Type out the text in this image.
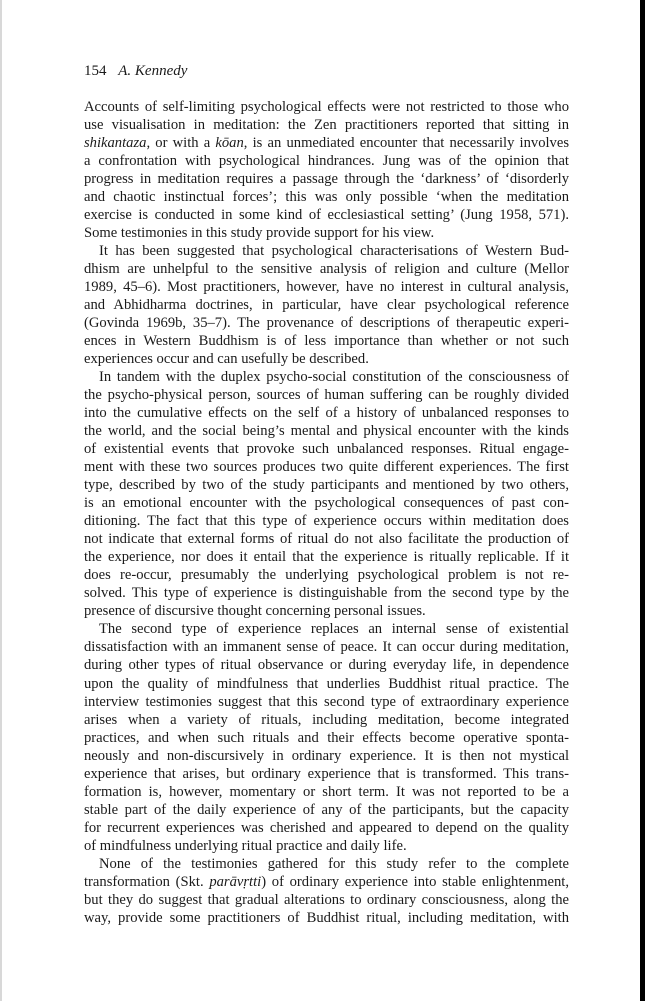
154 A. Kennedy
Accounts of self-limiting psychological effects were not restricted to those who
use visualisation in meditation: the Zen practitioners reported that sitting in
shikantaza, or with a kōan, is an unmediated encounter that necessarily involves
a confrontation with psychological hindrances. Jung was of the opinion that
progress in meditation requires a passage through the ‘darkness’ of ‘disorderly
and chaotic instinctual forces’; this was only possible ‘when the meditation
exercise is conducted in some kind of ecclesiastical setting’ (Jung 1958, 571).
Some testimonies in this study provide support for his view.
It has been suggested that psychological characterisations of Western Bud-
dhism are unhelpful to the sensitive analysis of religion and culture (Mellor
1989, 45–6). Most practitioners, however, have no interest in cultural analysis,
and Abhidharma doctrines, in particular, have clear psychological reference
(Govinda 1969b, 35–7). The provenance of descriptions of therapeutic experi-
ences in Western Buddhism is of less importance than whether or not such
experiences occur and can usefully be described.
In tandem with the duplex psycho-social constitution of the consciousness of
the psycho-physical person, sources of human suffering can be roughly divided
into the cumulative effects on the self of a history of unbalanced responses to
the world, and the social being’s mental and physical encounter with the kinds
of existential events that provoke such unbalanced responses. Ritual engage-
ment with these two sources produces two quite different experiences. The first
type, described by two of the study participants and mentioned by two others,
is an emotional encounter with the psychological consequences of past con-
ditioning. The fact that this type of experience occurs within meditation does
not indicate that external forms of ritual do not also facilitate the production of
the experience, nor does it entail that the experience is ritually replicable. If it
does re-occur, presumably the underlying psychological problem is not re-
solved. This type of experience is distinguishable from the second type by the
presence of discursive thought concerning personal issues.
The second type of experience replaces an internal sense of existential
dissatisfaction with an immanent sense of peace. It can occur during meditation,
during other types of ritual observance or during everyday life, in dependence
upon the quality of mindfulness that underlies Buddhist ritual practice. The
interview testimonies suggest that this second type of extraordinary experience
arises when a variety of rituals, including meditation, become integrated
practices, and when such rituals and their effects become operative sponta-
neously and non-discursively in ordinary experience. It is then not mystical
experience that arises, but ordinary experience that is transformed. This trans-
formation is, however, momentary or short term. It was not reported to be a
stable part of the daily experience of any of the participants, but the capacity
for recurrent experiences was cherished and appeared to depend on the quality
of mindfulness underlying ritual practice and daily life.
None of the testimonies gathered for this study refer to the complete
transformation (Skt. parāvṛtti) of ordinary experience into stable enlightenment,
but they do suggest that gradual alterations to ordinary consciousness, along the
way, provide some practitioners of Buddhist ritual, including meditation, with
